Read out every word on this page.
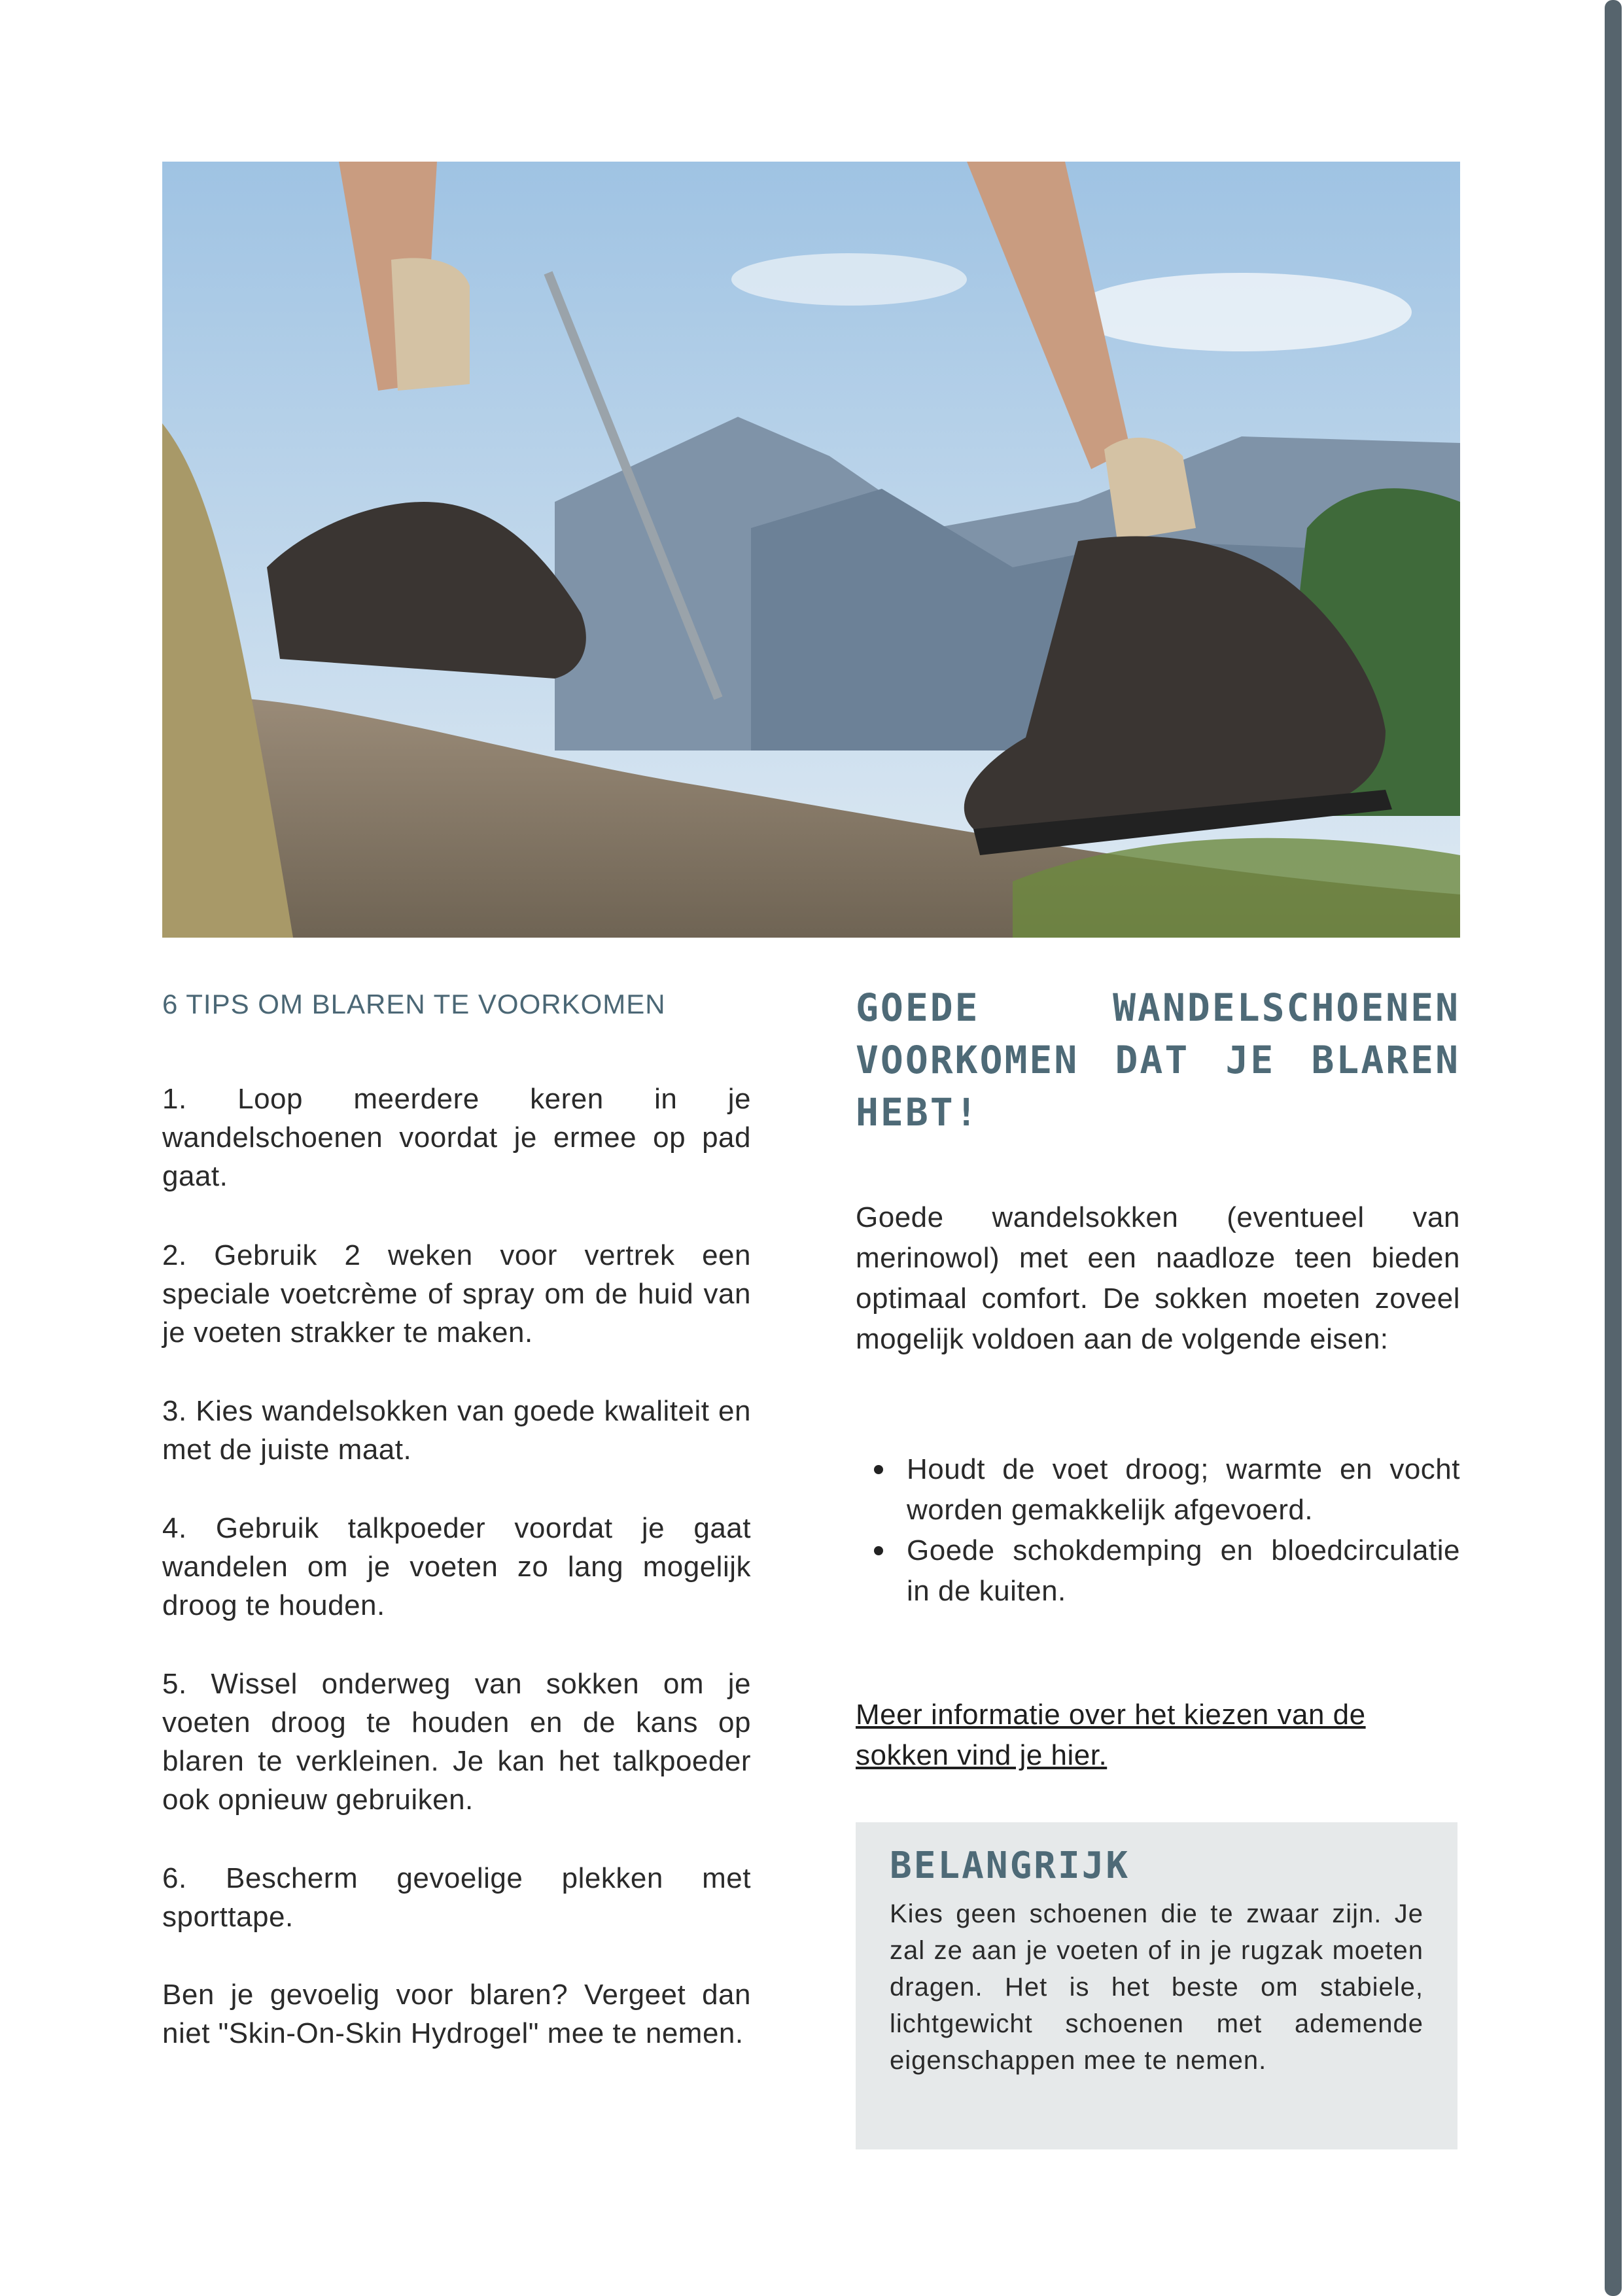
6 TIPS OM BLAREN TE VOORKOMEN

1. Loop meerdere keren in je wandelschoenen voordat je ermee op pad gaat.

2. Gebruik 2 weken voor vertrek een speciale voetcrème of spray om de huid van je voeten strakker te maken.

3. Kies wandelsokken van goede kwaliteit en met de juiste maat.

4. Gebruik talkpoeder voordat je gaat wandelen om je voeten zo lang mogelijk droog te houden.

5. Wissel onderweg van sokken om je voeten droog te houden en de kans op blaren te verkleinen. Je kan het talkpoeder ook opnieuw gebruiken.

6. Bescherm gevoelige plekken met sporttape.

Ben je gevoelig voor blaren? Vergeet dan niet "Skin-On-Skin Hydrogel" mee te nemen.

GOEDE WANDELSCHOENEN VOORKOMEN DAT JE BLAREN HEBT!

Goede wandelsokken (eventueel van merinowol) met een naadloze teen bieden optimaal comfort. De sokken moeten zoveel mogelijk voldoen aan de volgende eisen:

Houdt de voet droog; warmte en vocht worden gemakkelijk afgevoerd.
Goede schokdemping en bloedcirculatie in de kuiten.
Meer informatie over het kiezen van de sokken vind je hier.
BELANGRIJK

Kies geen schoenen die te zwaar zijn. Je zal ze aan je voeten of in je rugzak moeten dragen. Het is het beste om stabiele, lichtgewicht schoenen met ademende eigenschappen mee te nemen.
